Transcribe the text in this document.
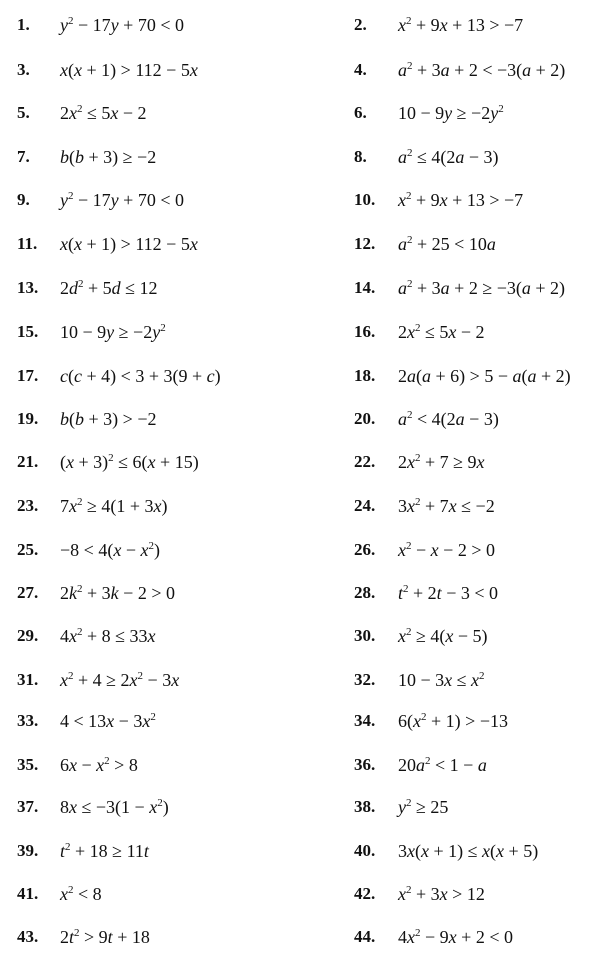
1. $y^2 - 17y + 70 < 0$	2. $x^2 + 9x + 13 > -7$
3. x(x + 1) > 112 − 5x	4. $a^2 + 3a + 2 < -3(a + 2)$
5. $2x^2 \le 5x - 2$	6. $10 - 9y \ge -2y^2$
7. b(b + 3) ≥ −2	8. $a^2 \le 4(2a - 3)$
9. $y^2 - 17y + 70 < 0$	10. $x^2 + 9x + 13 > -7$
11. x(x + 1) > 112 − 5x	12. $a^2 + 25 < 10a$
13. $2d^2 + 5d \le 12$	14. $a^2 + 3a + 2 \ge -3(a + 2)$
15. $10 - 9y \ge -2y^2$	16. $2x^2 \le 5x - 2$
17. c(c + 4) < 3 + 3(9 + c)	18. 2a(a + 6) > 5 − a(a + 2)
19. b(b + 3) > −2	20. $a^2 < 4(2a - 3)$
21. $(x + 3)^2 \le 6(x + 15)$	22. $2x^2 + 7 \ge 9x$
23. $7x^2 \ge 4(1 + 3x)$	24. $3x^2 + 7x \le -2$
25. $-8 < 4(x - x^2)$	26. $x^2 - x - 2 > 0$
27. $2k^2 + 3k - 2 > 0$	28. $t^2 + 2t - 3 < 0$
29. $4x^2 + 8 \le 33x$	30. $x^2 \ge 4(x - 5)$
31. $x^2 + 4 \ge 2x^2 - 3x$	32. $10 - 3x \le x^2$
33. $4 < 13x - 3x^2$	34. $6(x^2 + 1) > -13$
35. $6x - x^2 > 8$	36. $20a^2 < 1 - a$
37. $8x \le -3(1 - x^2)$	38. $y^2 \ge 25$
39. $t^2 + 18 \ge 11t$	40. 3x(x + 1) ≤ x(x + 5)
41. $x^2 < 8$	42. $x^2 + 3x > 12$
43. $2t^2 > 9t + 18$	44. $4x^2 - 9x + 2 < 0$
